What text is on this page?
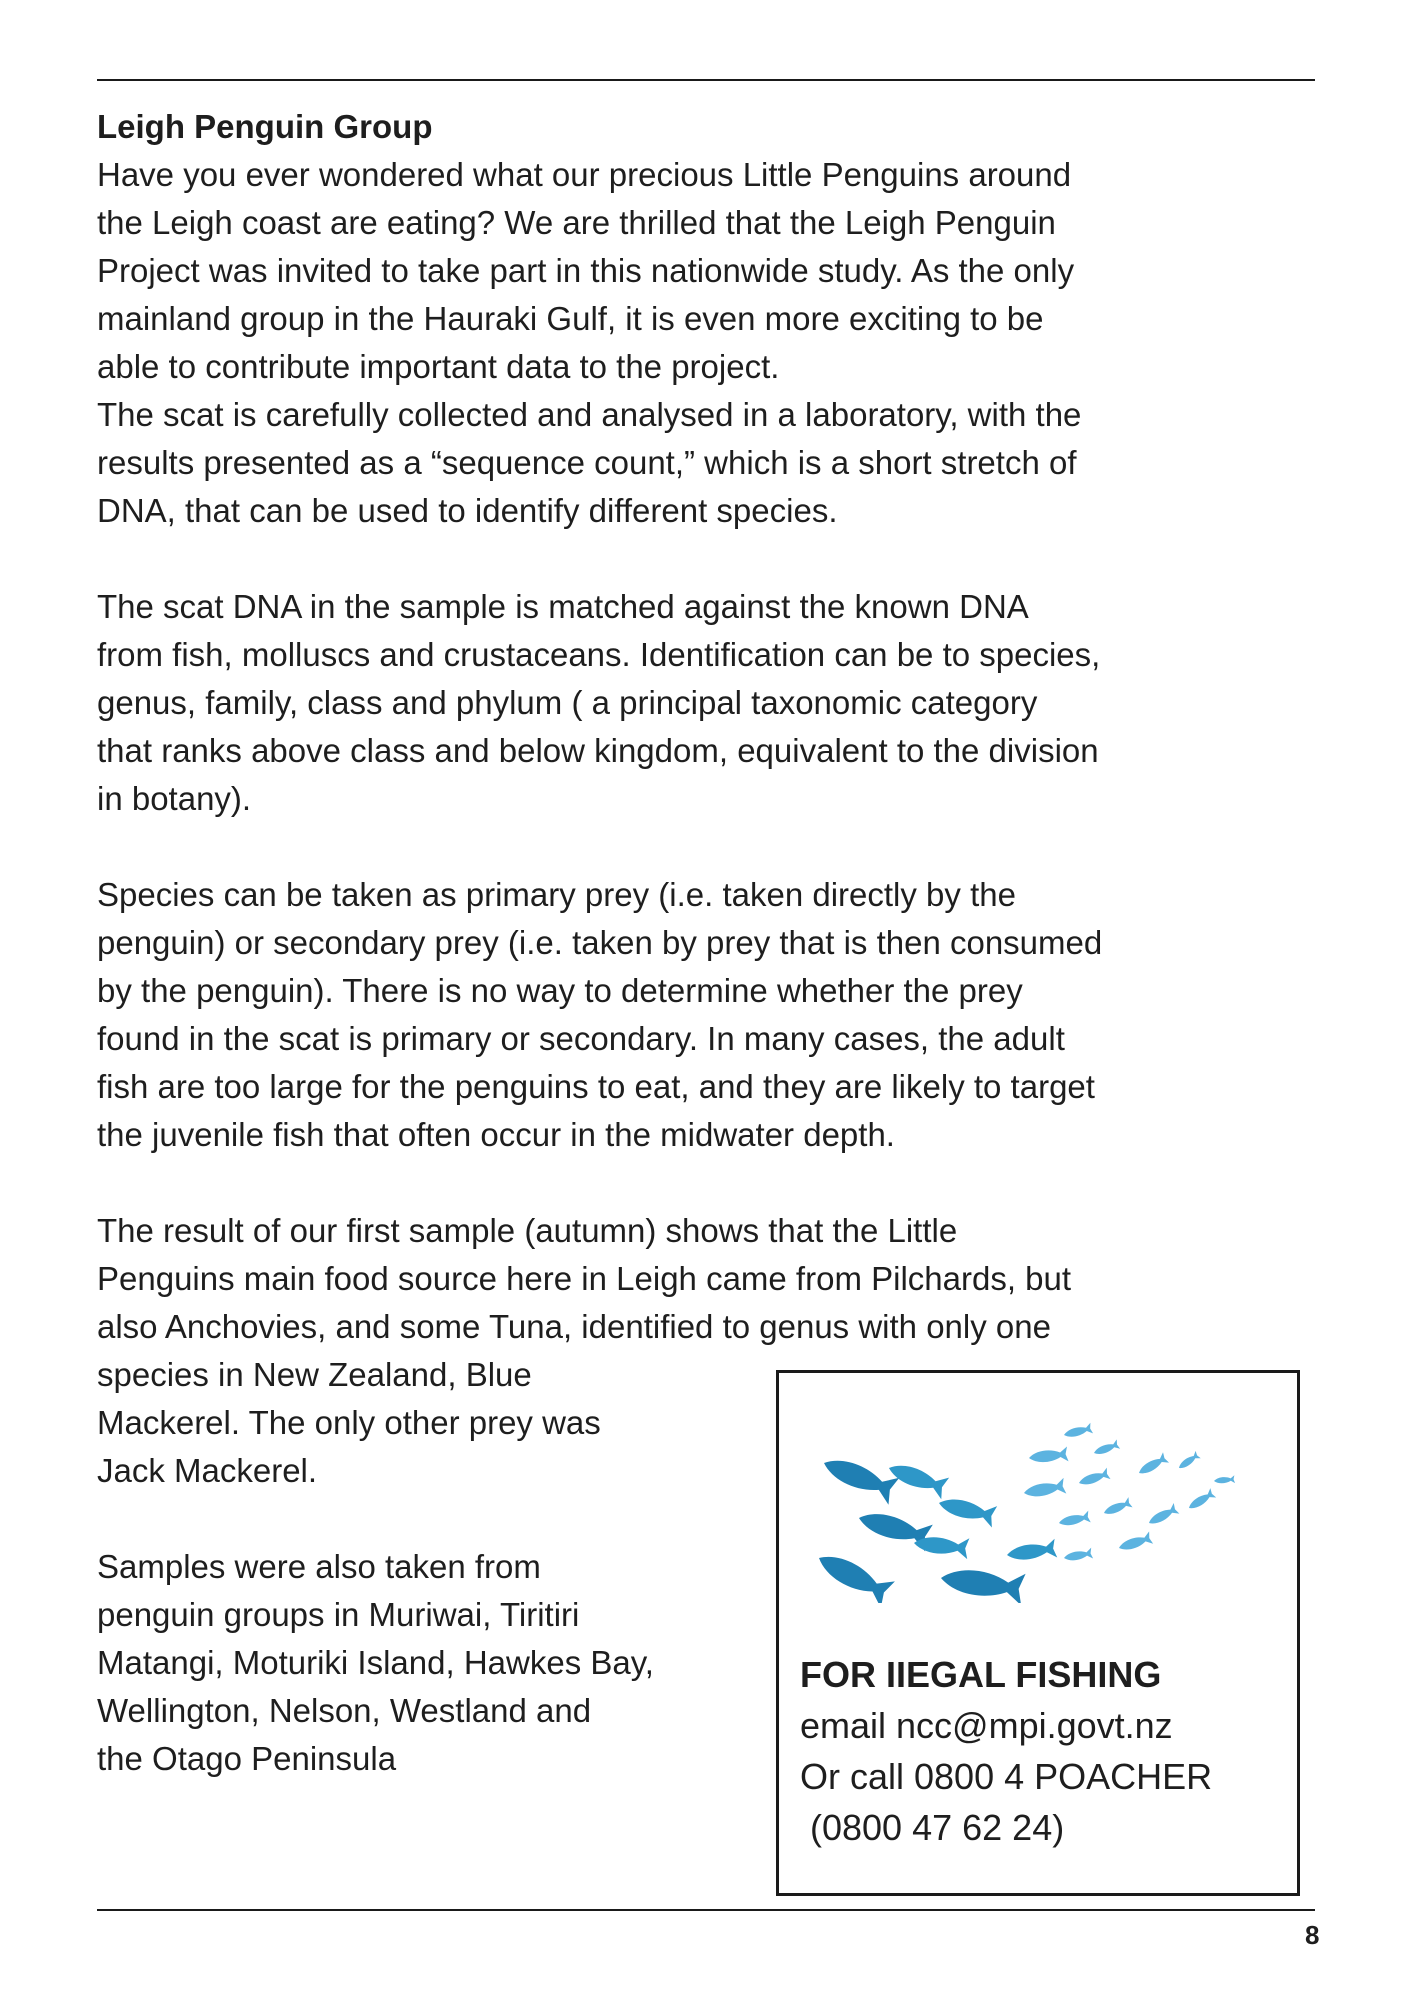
Leigh Penguin Group

Have you ever wondered what our precious Little Penguins around
the Leigh coast are eating? We are thrilled that the Leigh Penguin
Project was invited to take part in this nationwide study. As the only
mainland group in the Hauraki Gulf, it is even more exciting to be
able to contribute important data to the project.
The scat is carefully collected and analysed in a laboratory, with the
results presented as a “sequence count,” which is a short stretch of
DNA, that can be used to identify different species.

The scat DNA in the sample is matched against the known DNA
from fish, molluscs and crustaceans. Identification can be to species,
genus, family, class and phylum ( a principal taxonomic category
that ranks above class and below kingdom, equivalent to the division
in botany).

Species can be taken as primary prey (i.e. taken directly by the
penguin) or secondary prey (i.e. taken by prey that is then consumed
by the penguin). There is no way to determine whether the prey
found in the scat is primary or secondary. In many cases, the adult
fish are too large for the penguins to eat, and they are likely to target
the juvenile fish that often occur in the midwater depth.

The result of our first sample (autumn) shows that the Little
Penguins main food source here in Leigh came from Pilchards, but
also Anchovies, and some Tuna, identified to genus with only one
species in New Zealand, Blue
Mackerel. The only other prey was
Jack Mackerel.

Samples were also taken from
penguin groups in Muriwai, Tiritiri
Matangi, Moturiki Island, Hawkes Bay,
Wellington, Nelson, Westland and
the Otago Peninsula

FOR IIEGAL FISHING
email ncc@mpi.govt.nz
Or call 0800 4 POACHER
(0800 47 62 24)
8
